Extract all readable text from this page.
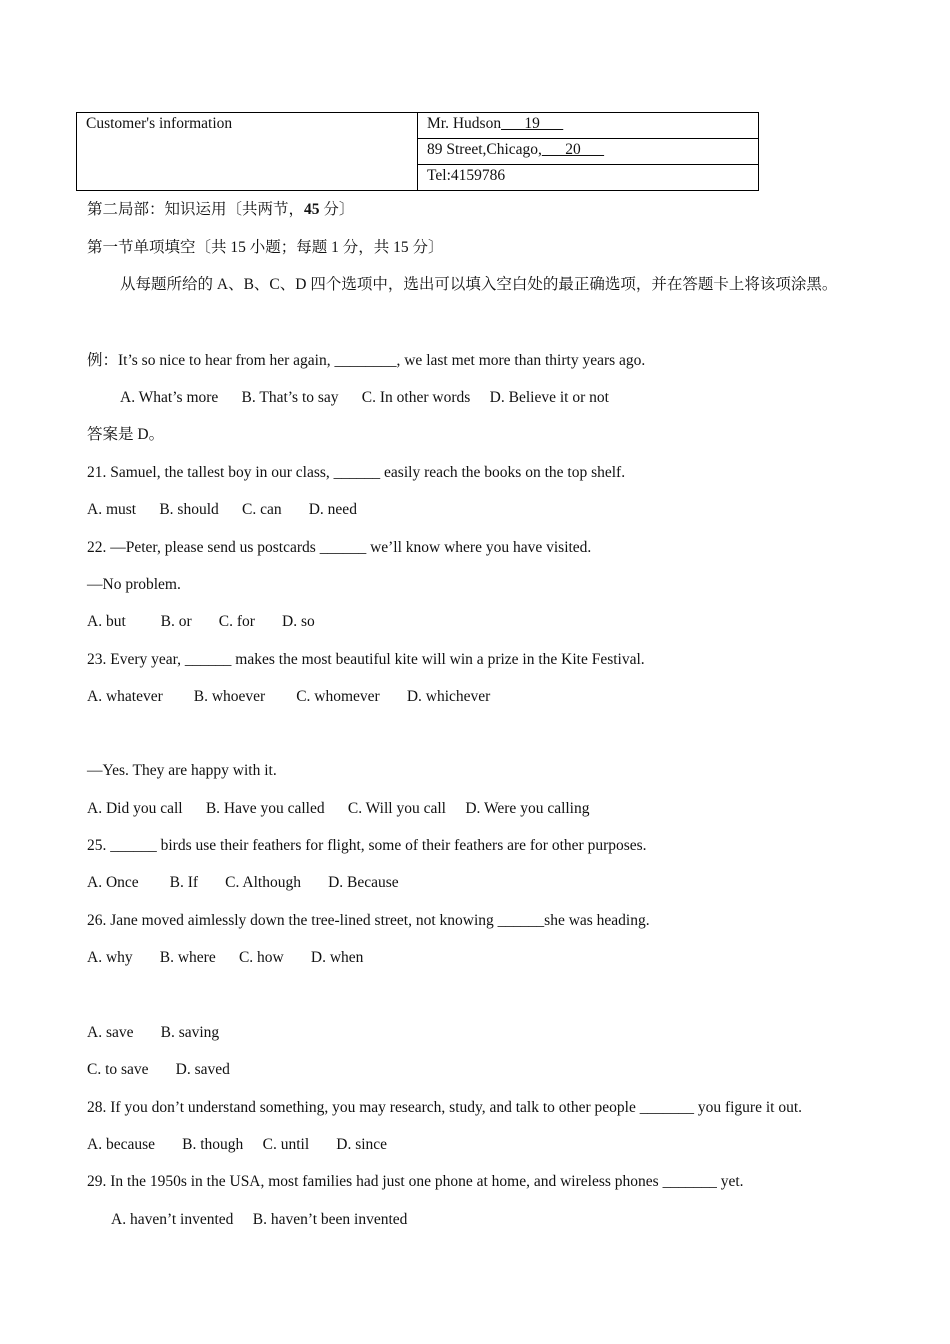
Customer's information	Mr. Hudson___19___
89 Street,Chicago,___20___
Tel:4159786
第二局部：知识运用〔共两节，45 分〕
第一节单项填空〔共 15 小题；每题 1 分，共 15 分〕
从每题所给的 A、B、C、D 四个选项中，选出可以填入空白处的最正确选项，并在答题卡上将该项涂黑。
例：It’s so nice to hear from her again, ________, we last met more than thirty years ago.
A. What’s more      B. That’s to say      C. In other words     D. Believe it or not
答案是 D。
21. Samuel, the tallest boy in our class, ______ easily reach the books on the top shelf.
A. must      B. should      C. can       D. need
22. —Peter, please send us postcards ______ we’ll know where you have visited.
—No problem.
A. but         B. or       C. for       D. so
23. Every year, ______ makes the most beautiful kite will win a prize in the Kite Festival.
A. whatever        B. whoever        C. whomever       D. whichever
—Yes. They are happy with it.
A. Did you call      B. Have you called      C. Will you call     D. Were you calling
25. ______ birds use their feathers for flight, some of their feathers are for other purposes.
A. Once        B. If       C. Although       D. Because
26. Jane moved aimlessly down the tree-lined street, not knowing ______she was heading.
A. why       B. where      C. how       D. when
A. save       B. saving
C. to save       D. saved
28. If you don’t understand something, you may research, study, and talk to other people _______ you figure it out.
A. because       B. though     C. until       D. since
29. In the 1950s in the USA, most families had just one phone at home, and wireless phones _______ yet.
A. haven’t invented     B. haven’t been invented
